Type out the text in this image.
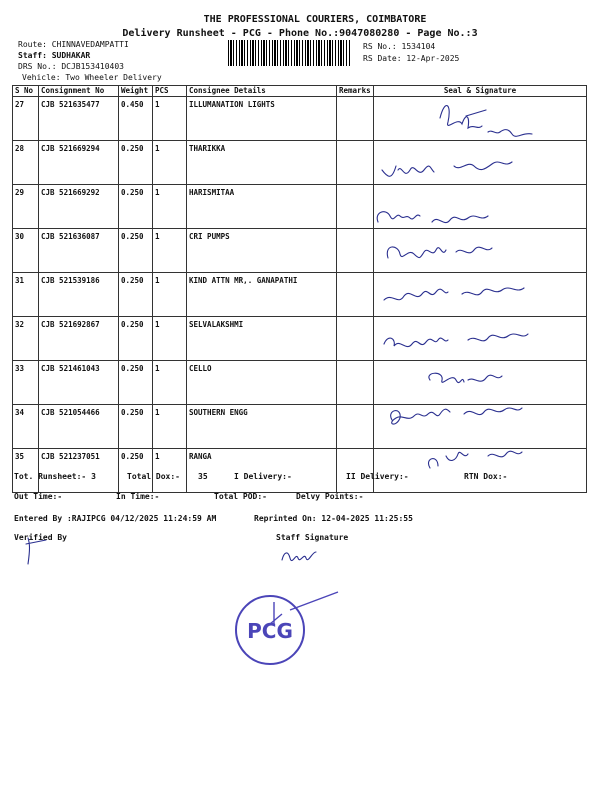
THE PROFESSIONAL COURIERS, COIMBATORE
Delivery Runsheet - PCG - Phone No.:9047080280 - Page No.:3
Route: CHINNAVEDAMPATTI
Staff: SUDHAKAR
DRS No.: DCJB153410403
Vehicle: Two Wheeler Delivery
RS No.: 1534104
RS Date: 12-Apr-2025
S No	Consignment No	Weight	PCS	Consignee Details	Remarks	Seal & Signature
27	CJB 521635477	0.450	1	ILLUMANATION LIGHTS		
28	CJB 521669294	0.250	1	THARIKKA		
29	CJB 521669292	0.250	1	HARISMITAA		
30	CJB 521636087	0.250	1	CRI PUMPS		
31	CJB 521539186	0.250	1	KIND ATTN MR,. GANAPATHI		
32	CJB 521692867	0.250	1	SELVALAKSHMI		
33	CJB 521461043	0.250	1	CELLO		
34	CJB 521054466	0.250	1	SOUTHERN ENGG		
35	CJB 521237051	0.250	1	RANGA		
Tot. Runsheet:- 3	Total Dox:- 35	I Delivery:-	II Delivery:-	RTN Dox:-
Out Time:-	In Time:-	Total POD:-	Delvy Points:-
Entered By :RAJIPCG 04/12/2025 11:24:59 AM	Reprinted On: 12-04-2025 11:25:55
Verified By	Staff Signature
PCG
